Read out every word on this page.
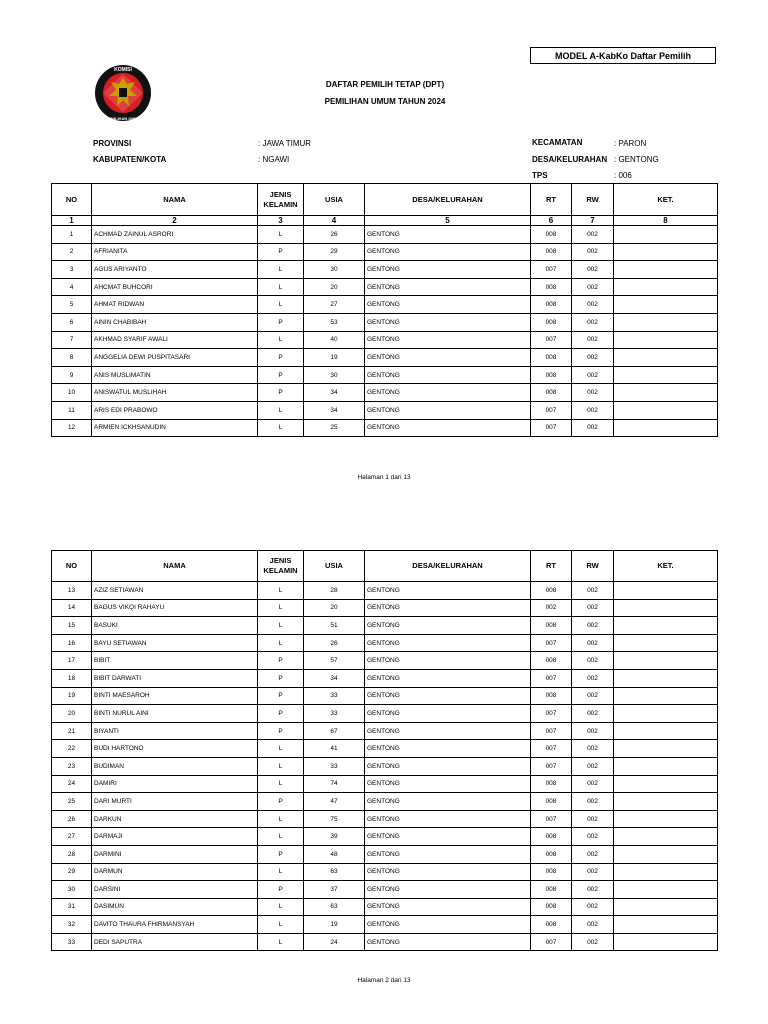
MODEL A-KabKo Daftar Pemilih
KOMISI
PEMILIHAN UMUM
DAFTAR PEMILIH TETAP (DPT)
PEMILIHAN UMUM TAHUN 2024
PROVINSI	: JAWA TIMUR
KABUPATEN/KOTA	: NGAWI
KECAMATAN	: PARON
DESA/KELURAHAN : GENTONG
TPS	: 006
NO	NAMA	JENIS KELAMIN	USIA	DESA/KELURAHAN	RT	RW	KET.
1	2	3	4	5	6	7	8
1	ACHMAD ZAINUL ASRORI	L	26	GENTONG	008	002	
2	AFRIANITA	P	29	GENTONG	008	002	
3	AGUS ARIYANTO	L	30	GENTONG	007	002	
4	AHCMAT BUHCORI	L	20	GENTONG	008	002	
5	AHMAT RIDWAN	L	27	GENTONG	008	002	
6	AININ CHABIBAH	P	53	GENTONG	008	002	
7	AKHMAD SYARIF AWALI	L	40	GENTONG	007	002	
8	ANGGELIA DEWI PUSPITASARI	P	19	GENTONG	008	002	
9	ANIS MUSLIMATIN	P	30	GENTONG	008	002	
10	ANISWATUL MUSLIHAH	P	34	GENTONG	008	002	
11	ARIS EDI PRABOWO	L	34	GENTONG	007	002	
12	ARMIEN ICKHSANUDIN	L	25	GENTONG	007	002	
Halaman 1 dari 13
NO	NAMA	JENIS KELAMIN	USIA	DESA/KELURAHAN	RT	RW	KET.
13	AZIZ SETIAWAN	L	28	GENTONG	008	002	
14	BAGUS VIKQI RAHAYU	L	20	GENTONG	002	002	
15	BASUKI	L	51	GENTONG	008	002	
16	BAYU SETIAWAN	L	26	GENTONG	007	002	
17	BIBIT	P	57	GENTONG	008	002	
18	BIBIT DARWATI	P	34	GENTONG	007	002	
19	BINTI MAESAROH	P	33	GENTONG	008	002	
20	BINTI NURUL AINI	P	33	GENTONG	007	002	
21	BIYANTI	P	67	GENTONG	007	002	
22	BUDI HARTONO	L	41	GENTONG	007	002	
23	BUDIMAN	L	33	GENTONG	007	002	
24	DAMIRI	L	74	GENTONG	008	002	
25	DARI MURTI	P	47	GENTONG	008	002	
26	DARKUN	L	75	GENTONG	007	002	
27	DARMAJI	L	39	GENTONG	008	002	
28	DARMINI	P	48	GENTONG	008	002	
29	DARMUN	L	63	GENTONG	008	002	
30	DARSINI	P	37	GENTONG	008	002	
31	DASIMUN	L	63	GENTONG	008	002	
32	DAVITO THAURA FHIRMANSYAH	L	19	GENTONG	008	002	
33	DEDI SAPUTRA	L	24	GENTONG	007	002	
Halaman 2 dari 13
